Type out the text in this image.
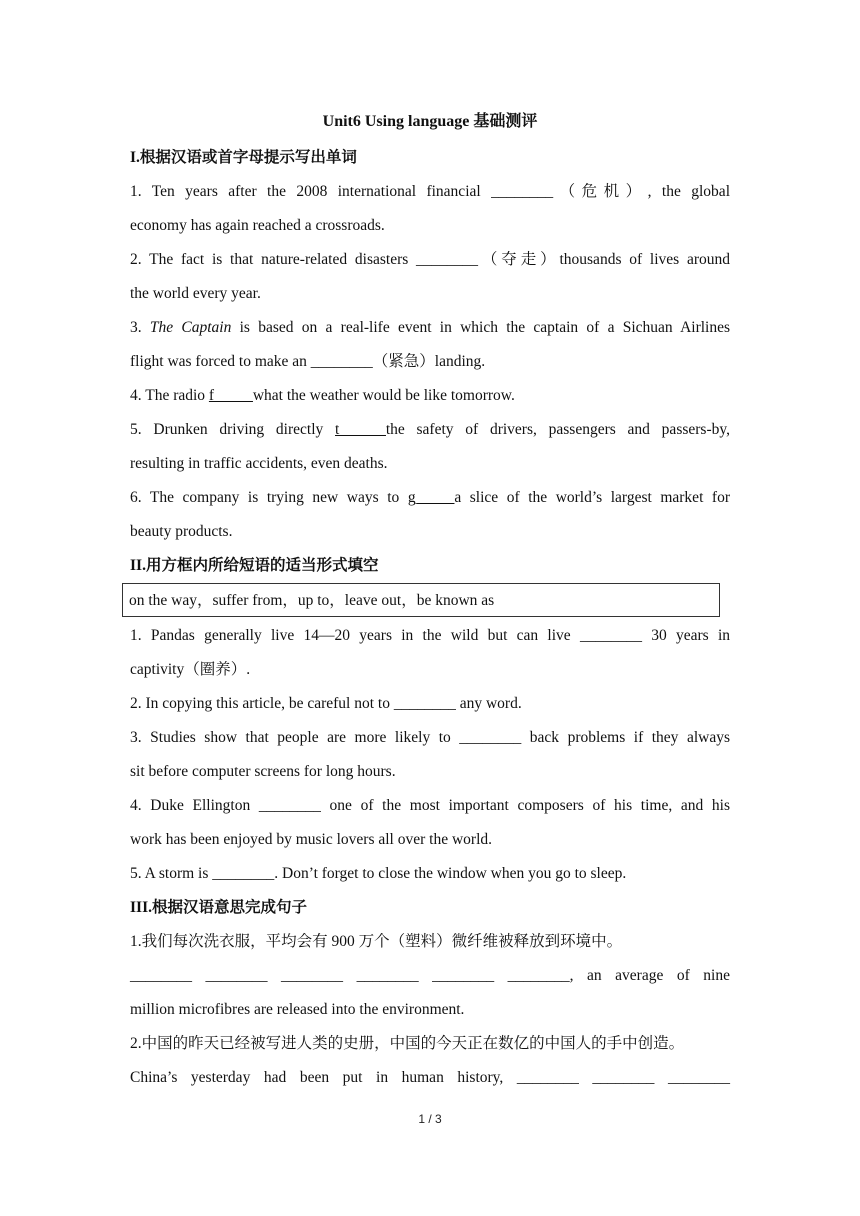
Unit6 Using language 基础测评
I.根据汉语或首字母提示写出单词
1. Ten years after the 2008 international financial ________（危机）, the global
economy has again reached a crossroads.
2. The fact is that nature-related disasters ________（夺走）thousands of lives around
the world every year.
3. The Captain is based on a real-life event in which the captain of a Sichuan Airlines
flight was forced to make an ________（紧急）landing.
4. The radio f_____what the weather would be like tomorrow.
5. Drunken driving directly t______the safety of drivers, passengers and passers-by,
resulting in traffic accidents, even deaths.
6. The company is trying new ways to g_____a slice of the world’s largest market for
beauty products.
II.用方框内所给短语的适当形式填空
on the way，suffer from，up to，leave out，be known as
1. Pandas generally live 14—20 years in the wild but can live ________ 30 years in
captivity（圈养）.
2. In copying this article, be careful not to ________ any word.
3. Studies show that people are more likely to ________ back problems if they always
sit before computer screens for long hours.
4. Duke Ellington ________ one of the most important composers of his time, and his
work has been enjoyed by music lovers all over the world.
5. A storm is ________. Don’t forget to close the window when you go to sleep.
III.根据汉语意思完成句子
1.我们每次洗衣服，平均会有 900 万个（塑料）微纤维被释放到环境中。
________ ________ ________ ________ ________ ________, an average of nine
million microfibres are released into the environment.
2.中国的昨天已经被写进人类的史册，中国的今天正在数亿的中国人的手中创造。
China’s yesterday had been put in human history, ________ ________ ________
1 / 3
